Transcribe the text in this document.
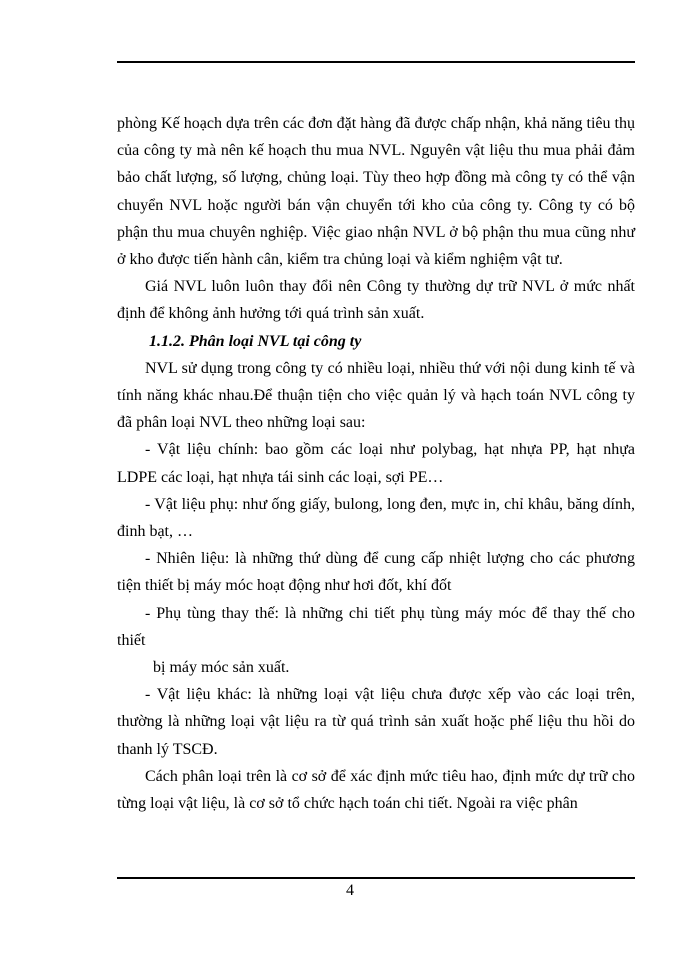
phòng Kế hoạch dựa trên các đơn đặt hàng đã được chấp nhận, khả năng tiêu thụ của công ty mà nên kế hoạch thu mua NVL. Nguyên vật liệu thu mua phải đảm bảo chất lượng, số lượng, chủng loại. Tùy theo hợp đồng mà công ty có thể vận chuyển NVL hoặc người bán vận chuyển tới kho của công ty. Công ty có bộ phận thu mua chuyên nghiệp. Việc giao nhận NVL ở bộ phận thu mua cũng như ở kho được tiến hành cân, kiểm tra chủng loại và kiểm nghiệm vật tư.

Giá NVL luôn luôn thay đổi nên Công ty thường dự trữ NVL ở mức nhất định để không ảnh hưởng tới quá trình sản xuất.

1.1.2. Phân loại NVL tại công ty

NVL sử dụng trong công ty có nhiều loại, nhiều thứ với nội dung kinh tế và tính năng khác nhau.Để thuận tiện cho việc quản lý và hạch toán NVL công ty đã phân loại NVL theo những loại sau:

- Vật liệu chính: bao gồm các loại như polybag, hạt nhựa PP, hạt nhựa LDPE các loại, hạt nhựa tái sinh các loại, sợi PE…

- Vật liệu phụ: như ống giấy, bulong, long đen, mực in, chỉ khâu, băng dính, đinh bạt, …

- Nhiên liệu: là những thứ dùng để cung cấp nhiệt lượng cho các phương tiện thiết bị máy móc hoạt động như hơi đốt, khí đốt

- Phụ tùng thay thế: là những chi tiết phụ tùng máy móc để thay thế cho thiết

bị máy móc sản xuất.

- Vật liệu khác: là những loại vật liệu chưa được xếp vào các loại trên, thường là những loại vật liệu ra từ quá trình sản xuất hoặc phế liệu thu hồi do thanh lý TSCĐ.

Cách phân loại trên là cơ sở để xác định mức tiêu hao, định mức dự trữ cho từng loại vật liệu, là cơ sở tổ chức hạch toán chi tiết. Ngoài ra việc phân

4
